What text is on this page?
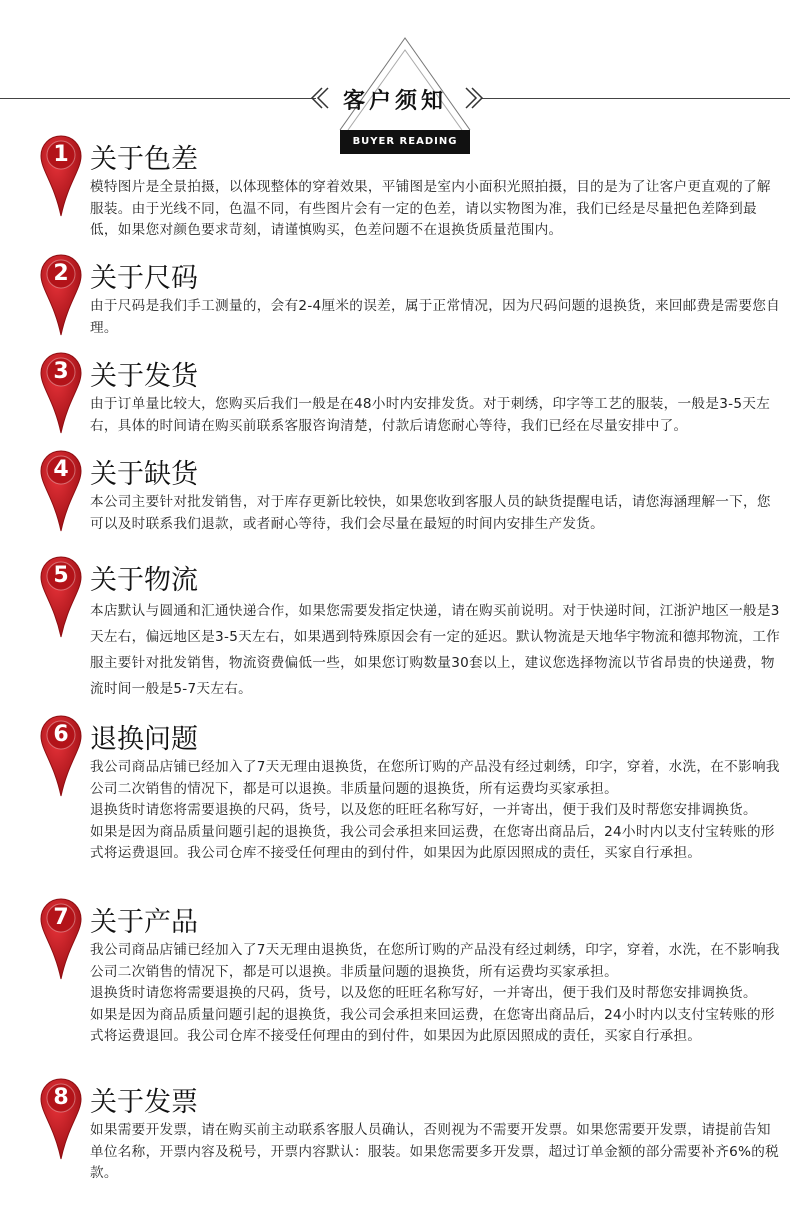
客户须知
BUYER READING
1 关于色差

模特图片是全景拍摄，以体现整体的穿着效果，平铺图是室内小面积光照拍摄，目的是为了让客户更直观的了解服装。由于光线不同，色温不同，有些图片会有一定的色差，请以实物图为准，我们已经是尽量把色差降到最低，如果您对颜色要求苛刻，请谨慎购买，色差问题不在退换货质量范围内。

2 关于尺码

由于尺码是我们手工测量的，会有2-4厘米的误差，属于正常情况，因为尺码问题的退换货，来回邮费是需要您自理。

3 关于发货

由于订单量比较大，您购买后我们一般是在48小时内安排发货。对于刺绣，印字等工艺的服装，一般是3-5天左右，具体的时间请在购买前联系客服咨询清楚，付款后请您耐心等待，我们已经在尽量安排中了。

4 关于缺货

本公司主要针对批发销售，对于库存更新比较快，如果您收到客服人员的缺货提醒电话，请您海涵理解一下，您可以及时联系我们退款，或者耐心等待，我们会尽量在最短的时间内安排生产发货。

5 关于物流

本店默认与圆通和汇通快递合作，如果您需要发指定快递，请在购买前说明。对于快递时间，江浙沪地区一般是3天左右，偏远地区是3-5天左右，如果遇到特殊原因会有一定的延迟。默认物流是天地华宇物流和德邦物流，工作服主要针对批发销售，物流资费偏低一些，如果您订购数量30套以上，建议您选择物流以节省昂贵的快递费，物流时间一般是5-7天左右。

6 退换问题

我公司商品店铺已经加入了7天无理由退换货，在您所订购的产品没有经过刺绣，印字，穿着，水洗，在不影响我公司二次销售的情况下，都是可以退换。非质量问题的退换货，所有运费均买家承担。

退换货时请您将需要退换的尺码，货号，以及您的旺旺名称写好，一并寄出，便于我们及时帮您安排调换货。

如果是因为商品质量问题引起的退换货，我公司会承担来回运费，在您寄出商品后，24小时内以支付宝转账的形式将运费退回。我公司仓库不接受任何理由的到付件，如果因为此原因照成的责任，买家自行承担。

7 关于产品

我公司商品店铺已经加入了7天无理由退换货，在您所订购的产品没有经过刺绣，印字，穿着，水洗，在不影响我公司二次销售的情况下，都是可以退换。非质量问题的退换货，所有运费均买家承担。

退换货时请您将需要退换的尺码，货号，以及您的旺旺名称写好，一并寄出，便于我们及时帮您安排调换货。

如果是因为商品质量问题引起的退换货，我公司会承担来回运费，在您寄出商品后，24小时内以支付宝转账的形式将运费退回。我公司仓库不接受任何理由的到付件，如果因为此原因照成的责任，买家自行承担。

8 关于发票

如果需要开发票，请在购买前主动联系客服人员确认，否则视为不需要开发票。如果您需要开发票，请提前告知单位名称，开票内容及税号，开票内容默认：服装。如果您需要多开发票，超过订单金额的部分需要补齐6%的税款。
